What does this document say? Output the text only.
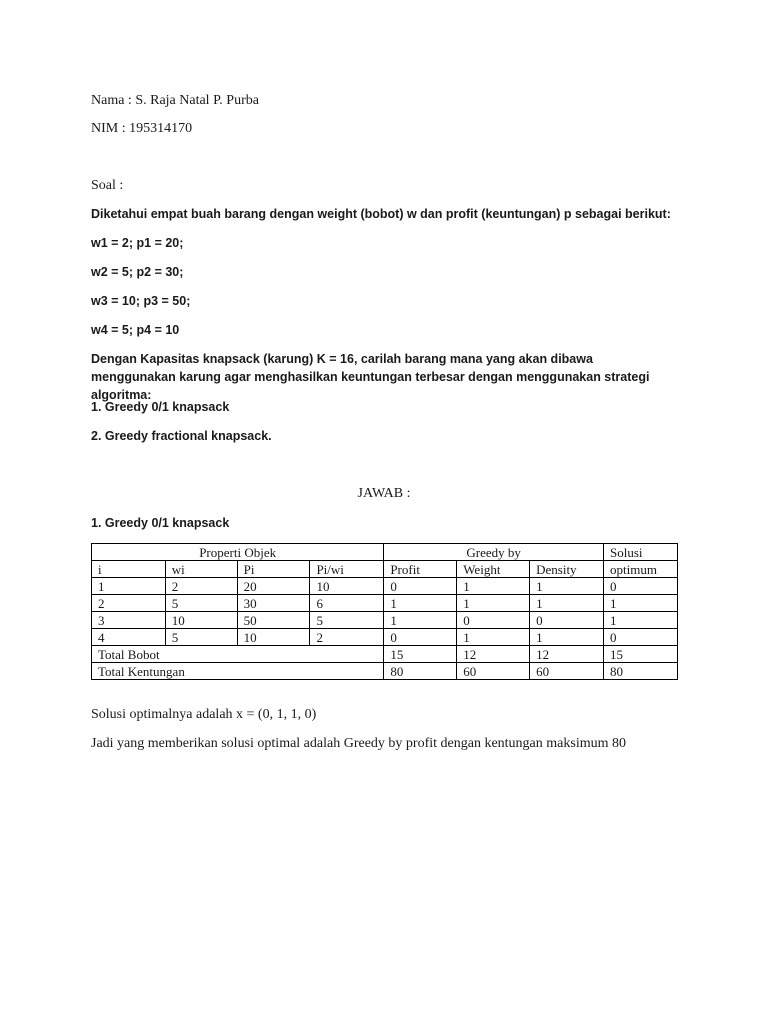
Nama : S. Raja Natal P. Purba
NIM : 195314170
Soal :
Diketahui empat buah barang dengan weight (bobot) w dan profit (keuntungan) p sebagai berikut:
w1 = 2; p1 = 20;
w2 = 5; p2 = 30;
w3 = 10; p3 = 50;
w4 = 5; p4 = 10
Dengan Kapasitas knapsack (karung) K = 16, carilah barang mana yang akan dibawa menggunakan karung agar menghasilkan keuntungan terbesar dengan menggunakan strategi algoritma:
1. Greedy 0/1 knapsack
2. Greedy fractional knapsack.
JAWAB :
1. Greedy 0/1 knapsack
Properti Objek				Greedy by			Solusi
i	wi	Pi	Pi/wi	Profit	Weight	Density	optimum
1	2	20	10	0	1	1	0
2	5	30	6	1	1	1	1
3	10	50	5	1	0	0	1
4	5	10	2	0	1	1	0
Total Bobot				15	12	12	15
Total Kentungan				80	60	60	80
Solusi optimalnya adalah x = (0, 1, 1, 0)
Jadi yang memberikan solusi optimal adalah Greedy by profit dengan kentungan maksimum 80
